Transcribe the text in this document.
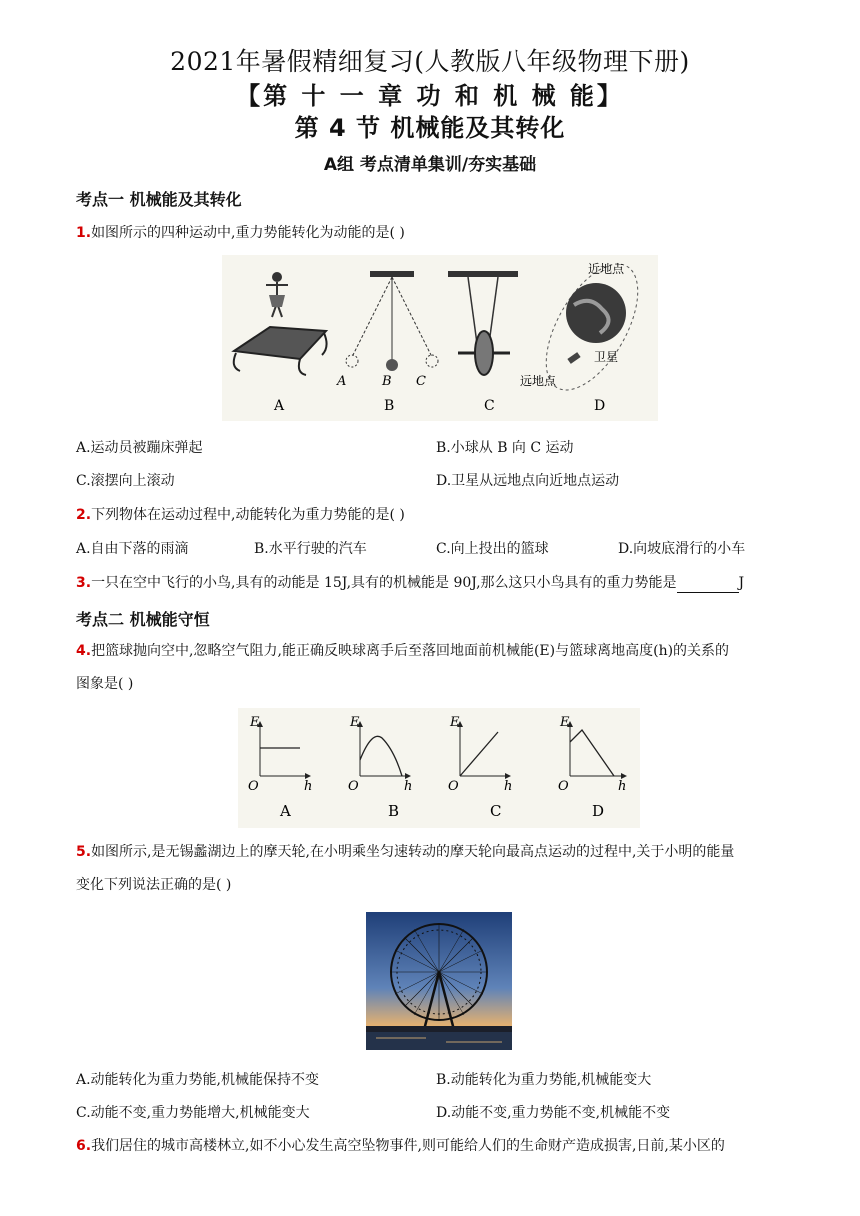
2021年暑假精细复习(人教版八年级物理下册)
【第 十 一 章 功 和 机 械 能】
第 4 节 机械能及其转化
A组 考点清单集训/夯实基础
考点一 机械能及其转化
1.如图所示的四种运动中,重力势能转化为动能的是( )
A
A	B C
B	C
近地点
卫星
远地点
D
A.运动员被蹦床弹起	B.小球从 B 向 C 运动
C.滚摆向上滚动	D.卫星从远地点向近地点运动
2.下列物体在运动过程中,动能转化为重力势能的是( )
A.自由下落的雨滴	B.水平行驶的汽车	C.向上投出的篮球	D.向坡底滑行的小车
3.一只在空中飞行的小鸟,具有的动能是 15J,具有的机械能是 90J,那么这只小鸟具有的重力势能是	J
考点二 机械能守恒
4.把篮球抛向空中,忽略空气阻力,能正确反映球离手后至落回地面前机械能(E)与篮球离地高度(h)的关系的
图象是( )
E
O	h
A
E
O	h
B
E
O	h
C
E
O	h
D
5.如图所示,是无锡蠡湖边上的摩天轮,在小明乘坐匀速转动的摩天轮向最高点运动的过程中,关于小明的能量
变化下列说法正确的是( )
A.动能转化为重力势能,机械能保持不变	B.动能转化为重力势能,机械能变大
C.动能不变,重力势能增大,机械能变大	D.动能不变,重力势能不变,机械能不变
6.我们居住的城市高楼林立,如不小心发生高空坠物事件,则可能给人们的生命财产造成损害,日前,某小区的
